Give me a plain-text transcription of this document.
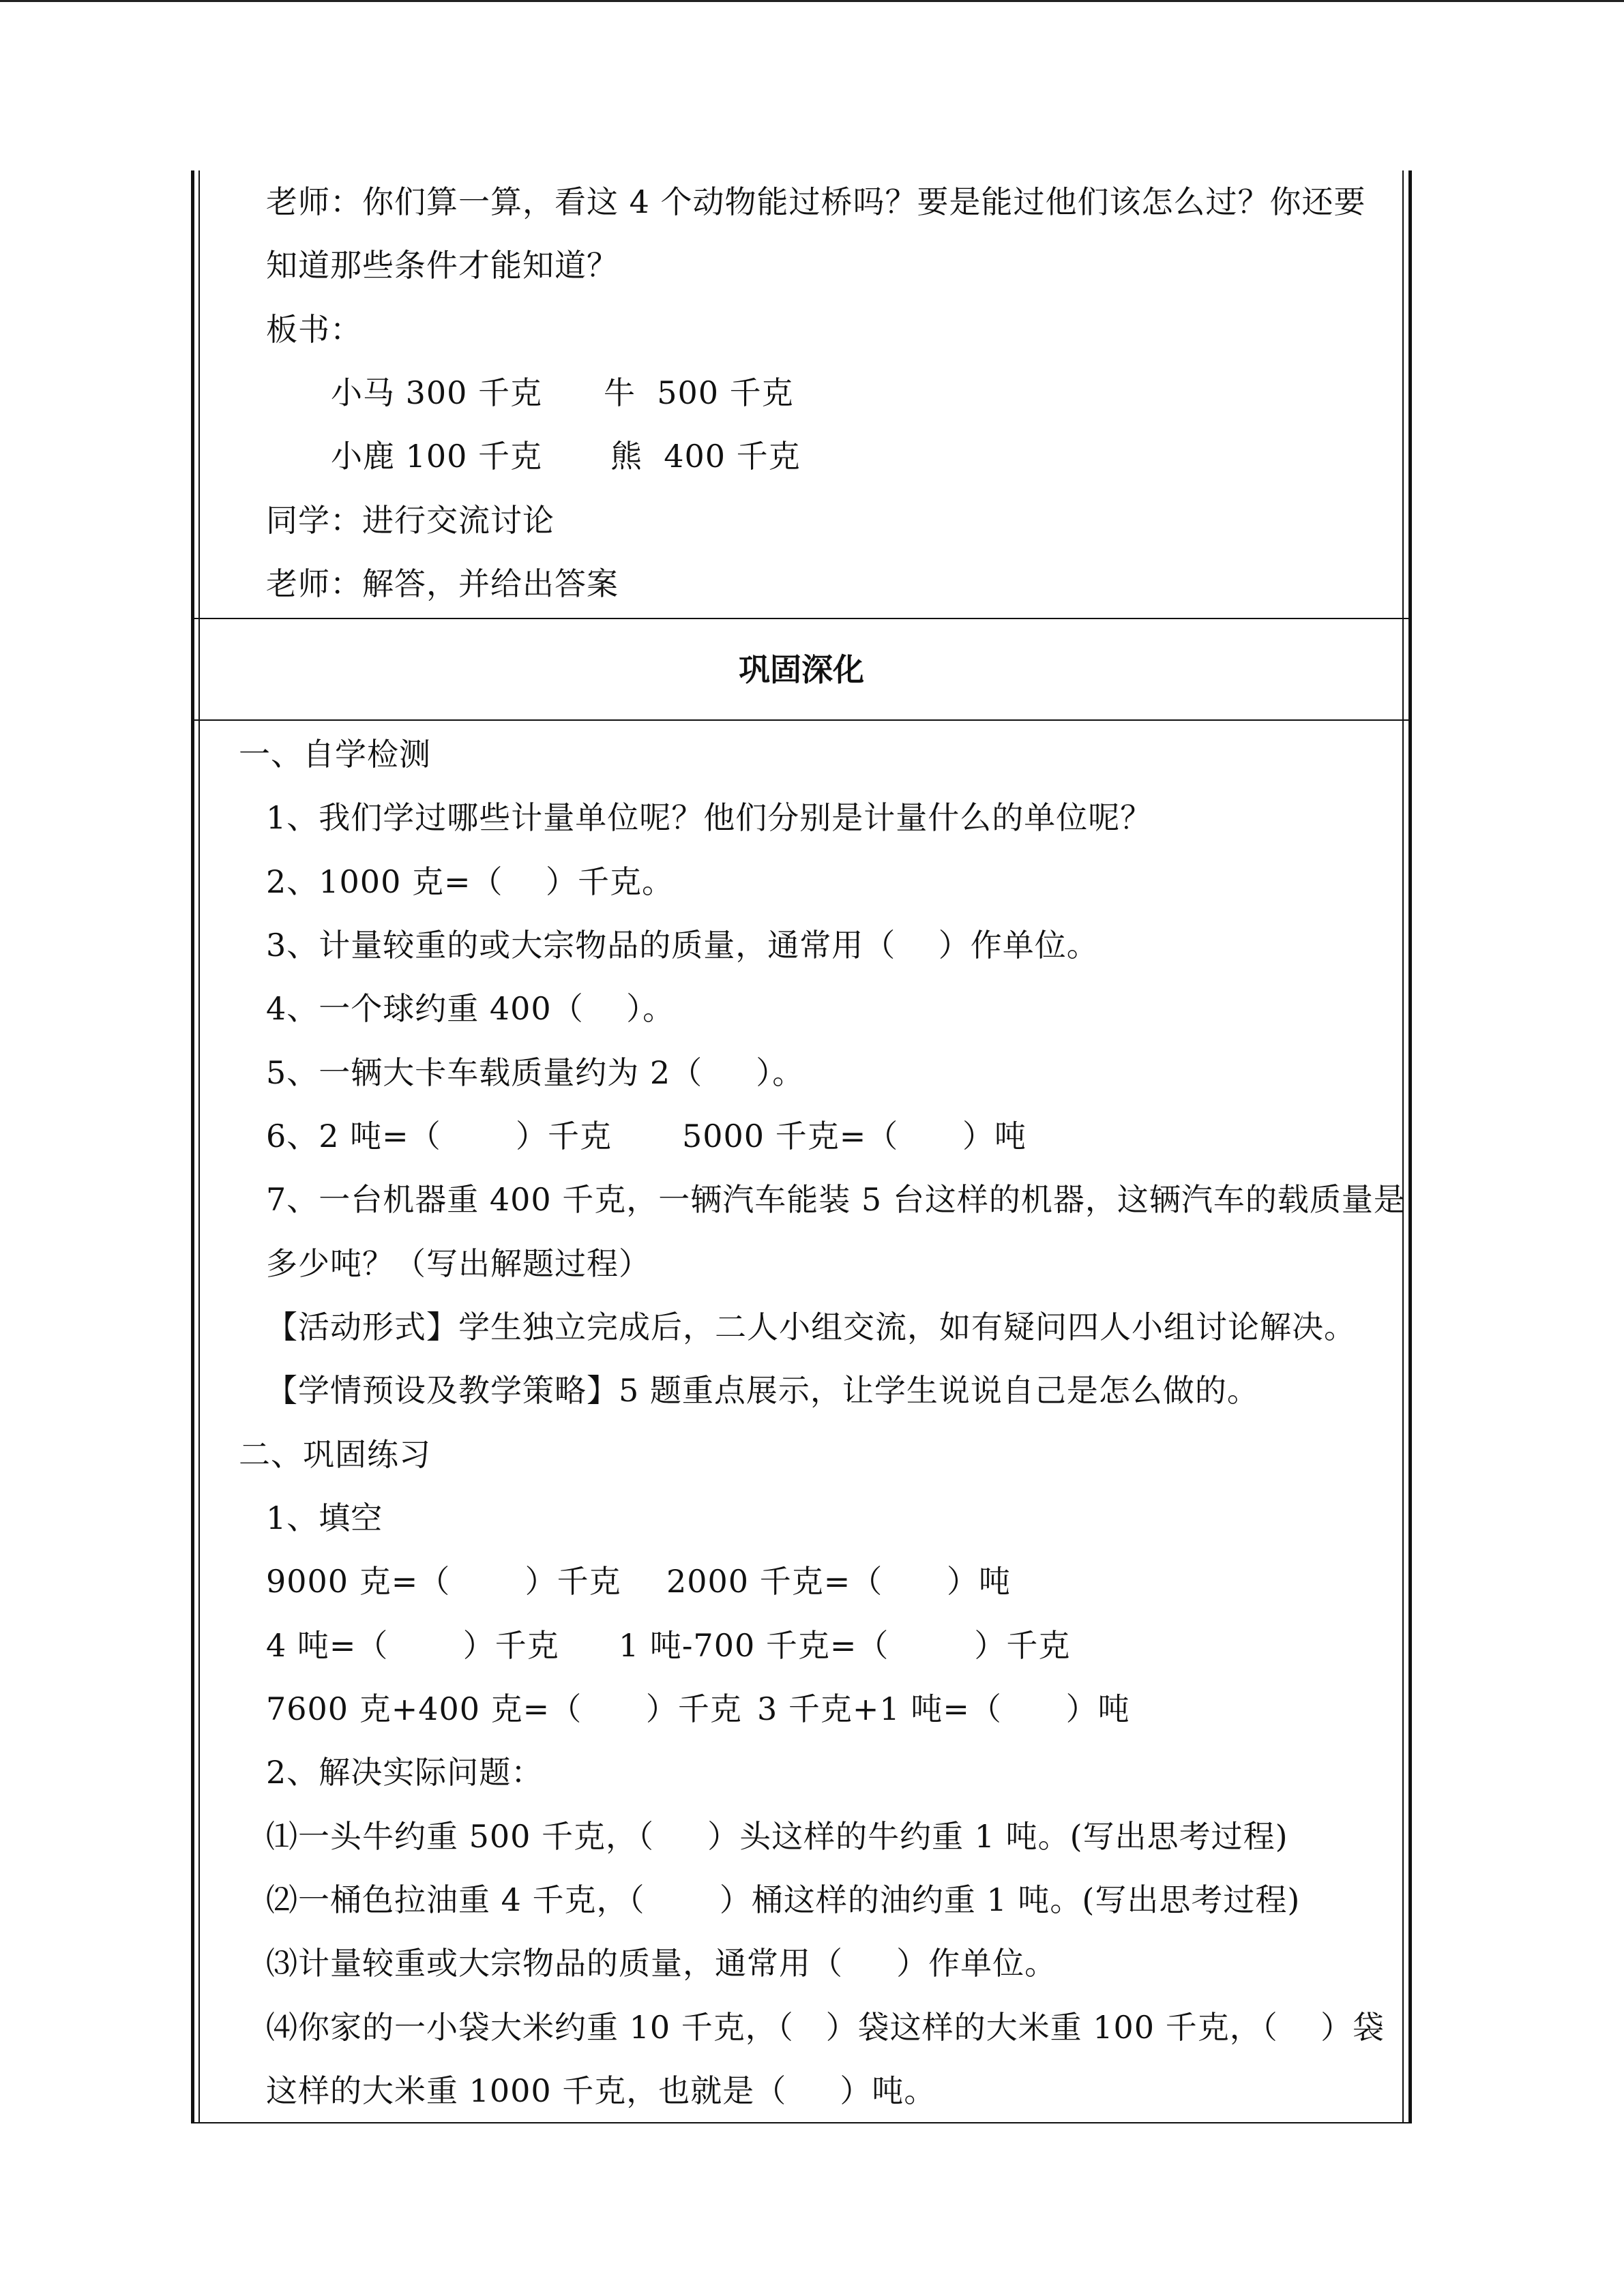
老师：你们算一算，看这 4 个动物能过桥吗？要是能过他们该怎么过？你还要
知道那些条件才能知道？
板书：
小马 300 千克 牛  500 千克
小鹿 100 千克 熊  400 千克
同学：进行交流讨论
老师：解答，并给出答案
巩固深化
一、自学检测
1、我们学过哪些计量单位呢？他们分别是计量什么的单位呢？
2、1000 克=（    ）千克。
3、计量较重的或大宗物品的质量，通常用（    ）作单位。
4、一个球约重 400（    ）。
5、一辆大卡车载质量约为 2（     ）。
6、2 吨=（       ）千克 5000 千克=（      ）吨
7、一台机器重 400 千克，一辆汽车能装 5 台这样的机器，这辆汽车的载质量是
多少吨？（写出解题过程）
【活动形式】学生独立完成后，二人小组交流，如有疑问四人小组讨论解决。
【学情预设及教学策略】5 题重点展示，让学生说说自己是怎么做的。
二、巩固练习
1、填空
9000 克=（       ）千克 2000 千克=（      ）吨
4 吨=（       ）千克 1 吨-700 千克=（        ）千克
7600 克+400 克=（      ）千克 3 千克+1 吨=（      ）吨
2、解决实际问题：
⑴一头牛约重 500 千克，（     ）头这样的牛约重 1 吨。(写出思考过程)
⑵一桶色拉油重 4 千克，（       ）桶这样的油约重 1 吨。(写出思考过程)
⑶计量较重或大宗物品的质量，通常用（     ）作单位。
⑷你家的一小袋大米约重 10 千克，（   ）袋这样的大米重 100 千克，（    ）袋
这样的大米重 1000 千克，也就是（     ）吨。
